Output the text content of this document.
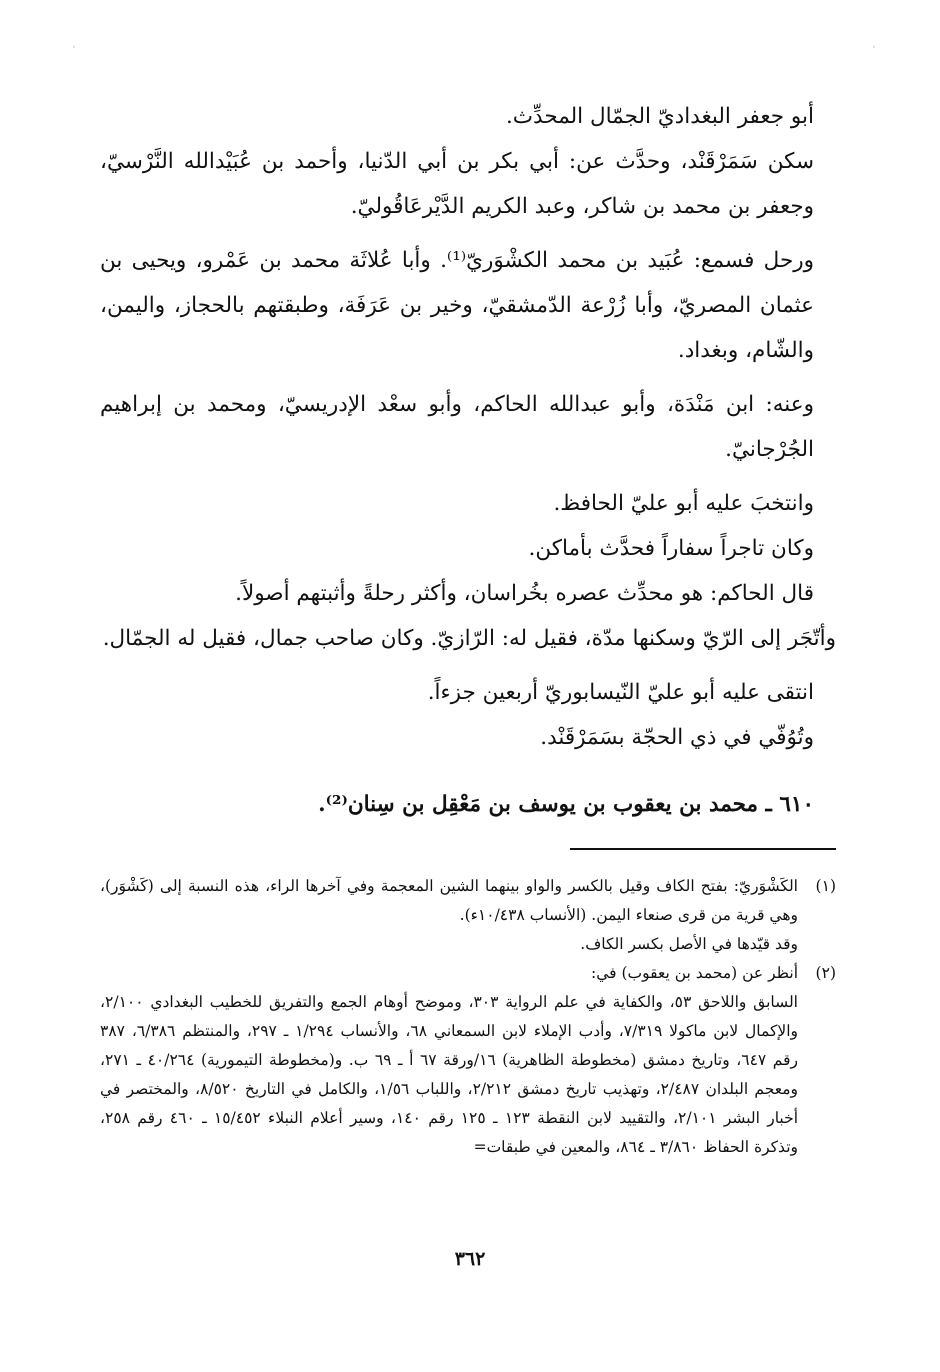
·	·

أبو جعفر البغداديّ الجمّال المحدِّث.

سكن سَمَرْقَنْد، وحدَّث عن: أبي بكر بن أبي الدّنيا، وأحمد بن عُبَيْدالله النَّرْسيّ، وجعفر بن محمد بن شاكر، وعبد الكريم الدَّيْرعَاقُوليّ.

ورحل فسمع: عُبَيد بن محمد الكشْوَريّ⁽¹⁾. وأبا عُلاثَة محمد بن عَمْرو، ويحيى بن عثمان المصريّ، وأبا زُرْعة الدّمشقيّ، وخير بن عَرَفَة، وطبقتهم بالحجاز، واليمن، والشّام، وبغداد.

وعنه: ابن مَنْدَة، وأبو عبدالله الحاكم، وأبو سعْد الإدريسيّ، ومحمد بن إبراهيم الجُرْجانيّ.

وانتخبَ عليه أبو عليّ الحافظ.

وكان تاجراً سفاراً فحدَّث بأماكن.

قال الحاكم: هو محدِّث عصره بخُراسان، وأكثر رحلةً وأثبتهم أصولاً.

وأتّجَر إلى الرّيّ وسكنها مدّة، فقيل له: الرّازيّ. وكان صاحب جمال، فقيل له الجمّال.

انتقى عليه أبو عليّ النّيسابوريّ أربعين جزءاً.

وتُوُفّي في ذي الحجّة بسَمَرْقَنْد.

٦١٠ ـ محمد بن يعقوب بن يوسف بن مَعْقِل بن سِنان⁽²⁾.

(١)

الكَشْوَريّ: بفتح الكاف وقيل بالكسر والواو بينهما الشين المعجمة وفي آخرها الراء، هذه النسبة إلى (كَشْوَر)، وهي قرية من قرى صنعاء اليمن. (الأنساب ١٠/٤٣٨ء).

وقد قيّدها في الأصل بكسر الكاف.

(٢)

أنظر عن (محمد بن يعقوب) في:

السابق واللاحق ٥٣، والكفاية في علم الرواية ٣٠٣، وموضح أوهام الجمع والتفريق للخطيب البغدادي ٢/١٠٠، والإكمال لابن ماكولا ٧/٣١٩، وأدب الإملاء لابن السمعاني ٦٨، والأنساب ١/٢٩٤ ـ ٢٩٧، والمنتظم ٦/٣٨٦، ٣٨٧ رقم ٦٤٧، وتاريخ دمشق (مخطوطة الظاهرية) ١٦/ورقة ٦٧ أ ـ ٦٩ ب. و(مخطوطة التيمورية) ٤٠/٢٦٤ ـ ٢٧١، ومعجم البلدان ٢/٤٨٧، وتهذيب تاريخ دمشق ٢/٢١٢، واللباب ١/٥٦، والكامل في التاريخ ٨/٥٢٠، والمختصر في أخبار البشر ٢/١٠١، والتقييد لابن النقطة ١٢٣ ـ ١٢٥ رقم ١٤٠، وسير أعلام النبلاء ١٥/٤٥٢ ـ ٤٦٠ رقم ٢٥٨، وتذكرة الحفاظ ٣/٨٦٠ ـ ٨٦٤، والمعين في طبقات=

٣٦٢
